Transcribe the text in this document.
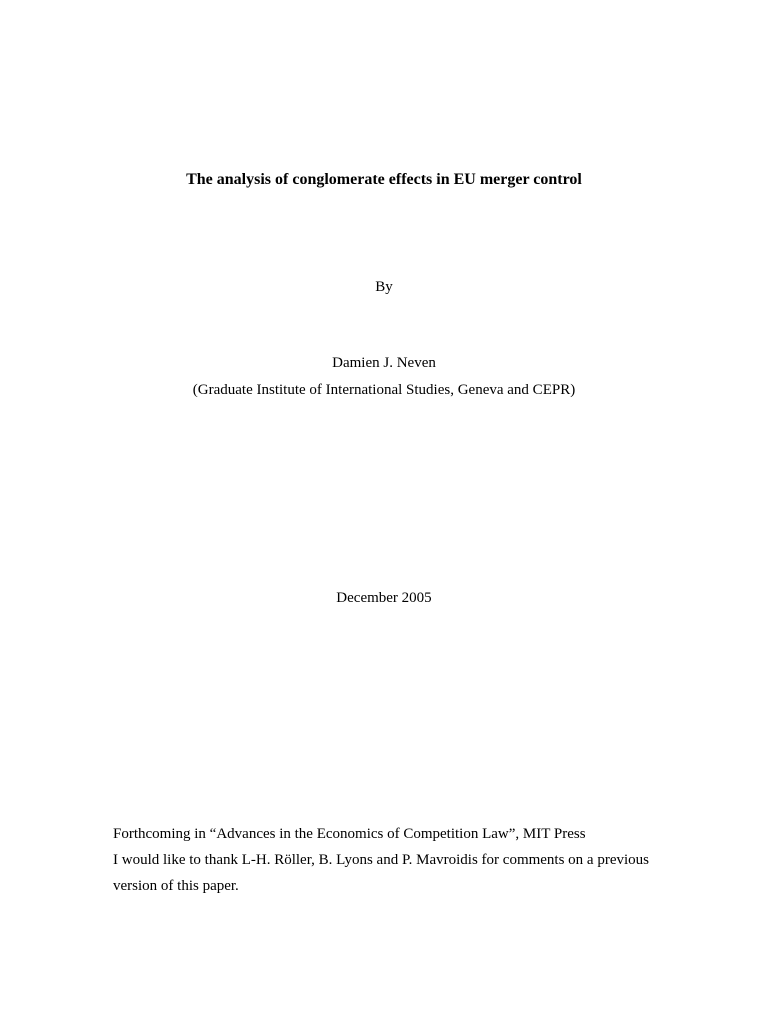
The analysis of conglomerate effects in EU merger control
By
Damien J. Neven
(Graduate Institute of International Studies, Geneva and CEPR)
December 2005
Forthcoming in “Advances in the Economics of Competition Law”, MIT Press
I would like to thank L-H. Röller, B. Lyons and P. Mavroidis for comments on a previous
version of this paper.
